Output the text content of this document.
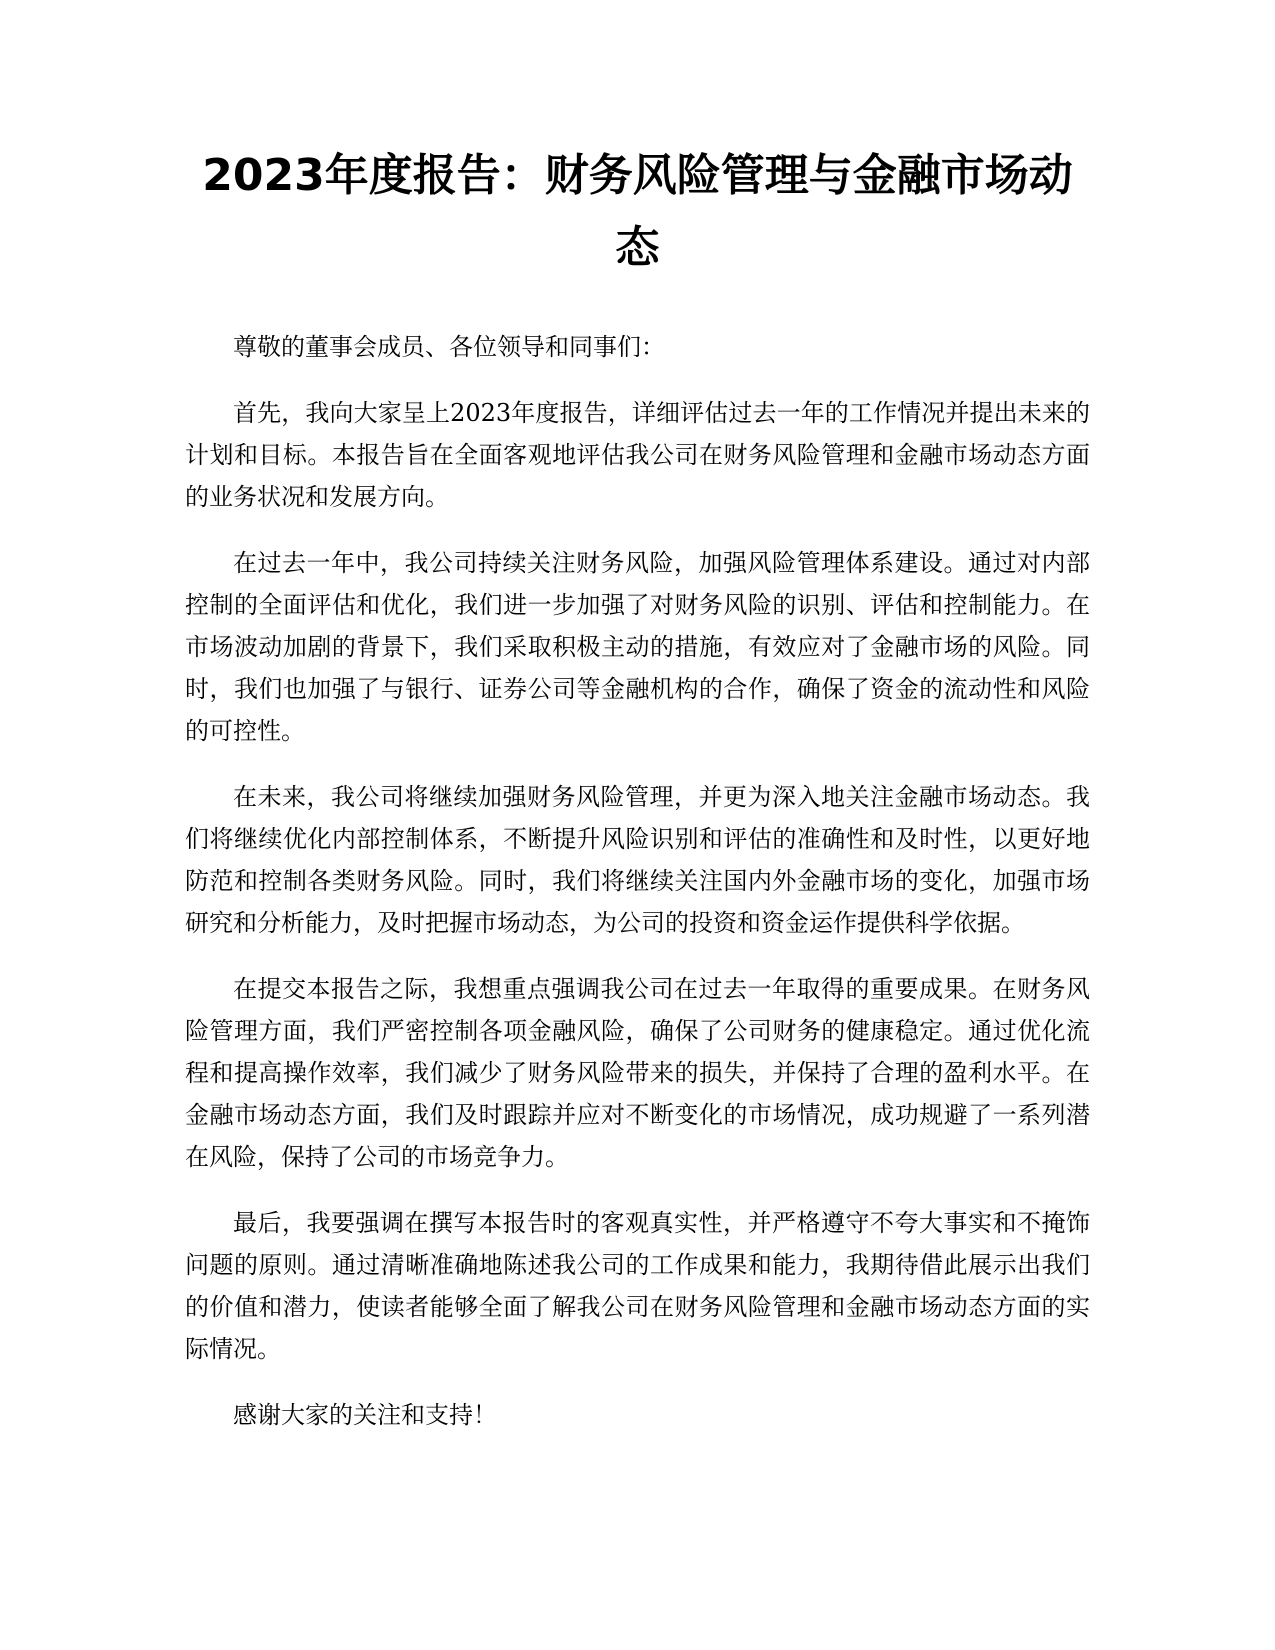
2023年度报告：财务风险管理与金融市场动态

尊敬的董事会成员、各位领导和同事们：

首先，我向大家呈上2023年度报告，详细评估过去一年的工作情况并提出未来的计划和目标。本报告旨在全面客观地评估我公司在财务风险管理和金融市场动态方面的业务状况和发展方向。

在过去一年中，我公司持续关注财务风险，加强风险管理体系建设。通过对内部控制的全面评估和优化，我们进一步加强了对财务风险的识别、评估和控制能力。在市场波动加剧的背景下，我们采取积极主动的措施，有效应对了金融市场的风险。同时，我们也加强了与银行、证券公司等金融机构的合作，确保了资金的流动性和风险的可控性。

在未来，我公司将继续加强财务风险管理，并更为深入地关注金融市场动态。我们将继续优化内部控制体系，不断提升风险识别和评估的准确性和及时性，以更好地防范和控制各类财务风险。同时，我们将继续关注国内外金融市场的变化，加强市场研究和分析能力，及时把握市场动态，为公司的投资和资金运作提供科学依据。

在提交本报告之际，我想重点强调我公司在过去一年取得的重要成果。在财务风险管理方面，我们严密控制各项金融风险，确保了公司财务的健康稳定。通过优化流程和提高操作效率，我们减少了财务风险带来的损失，并保持了合理的盈利水平。在金融市场动态方面，我们及时跟踪并应对不断变化的市场情况，成功规避了一系列潜在风险，保持了公司的市场竞争力。

最后，我要强调在撰写本报告时的客观真实性，并严格遵守不夸大事实和不掩饰问题的原则。通过清晰准确地陈述我公司的工作成果和能力，我期待借此展示出我们的价值和潜力，使读者能够全面了解我公司在财务风险管理和金融市场动态方面的实际情况。

感谢大家的关注和支持！
